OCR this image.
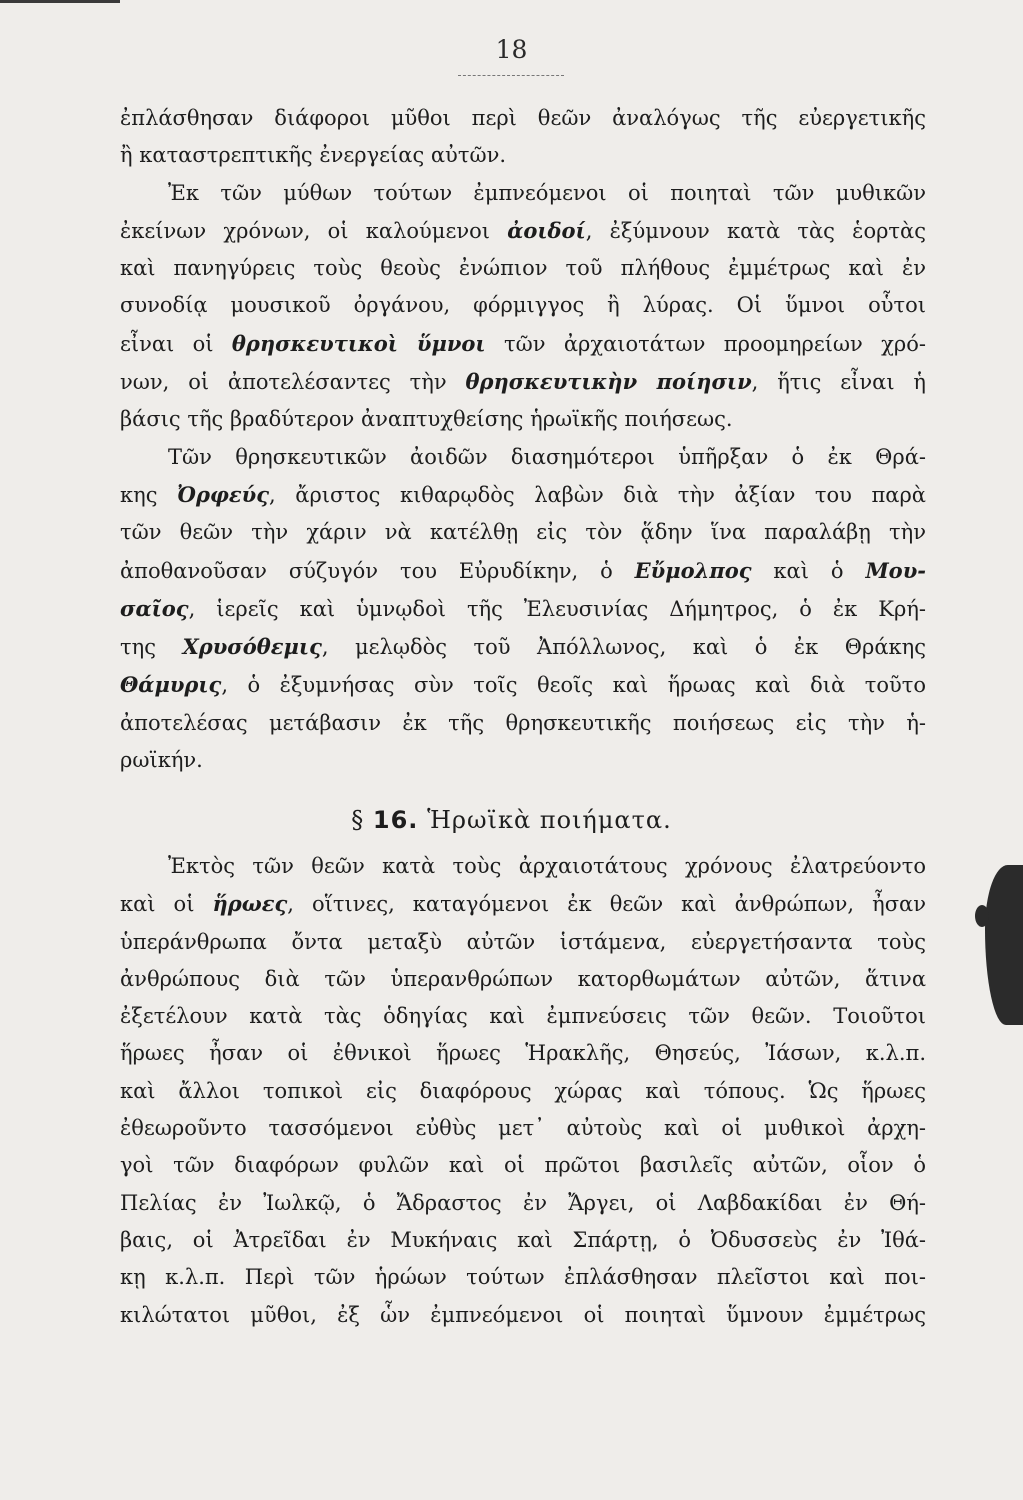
18
ἐπλάσθησαν διάφοροι μῦθοι περὶ θεῶν ἀναλόγως τῆς εὐεργετικῆς
ἢ καταστρεπτικῆς ἐνεργείας αὐτῶν.
Ἐκ τῶν μύθων τούτων ἐμπνεόμενοι οἱ ποιηταὶ τῶν μυθικῶν
ἐκείνων χρόνων, οἱ καλούμενοι ἀοιδοί, ἐξύμνουν κατὰ τὰς ἑορτὰς
καὶ πανηγύρεις τοὺς θεοὺς ἐνώπιον τοῦ πλήθους ἐμμέτρως καὶ ἐν
συνοδίᾳ μουσικοῦ ὀργάνου, φόρμιγγος ἢ λύρας. Οἱ ὕμνοι οὗτοι
εἶναι οἱ θρησκευτικοὶ ὕμνοι τῶν ἀρχαιοτάτων προομηρείων χρό-
νων, οἱ ἀποτελέσαντες τὴν θρησκευτικὴν ποίησιν, ἥτις εἶναι ἡ
βάσις τῆς βραδύτερον ἀναπτυχθείσης ἡρωϊκῆς ποιήσεως.
Τῶν θρησκευτικῶν ἀοιδῶν διασημότεροι ὑπῆρξαν ὁ ἐκ Θρά-
κης Ὀρφεύς, ἄριστος κιθαρῳδὸς λαβὼν διὰ τὴν ἀξίαν του παρὰ
τῶν θεῶν τὴν χάριν νὰ κατέλθῃ εἰς τὸν ᾅδην ἵνα παραλάβῃ τὴν
ἀποθανοῦσαν σύζυγόν του Εὐρυδίκην, ὁ Εὔμολπος καὶ ὁ Μου-
σαῖος, ἱερεῖς καὶ ὑμνῳδοὶ τῆς Ἐλευσινίας Δήμητρος, ὁ ἐκ Κρή-
της Χρυσόθεμις, μελῳδὸς τοῦ Ἀπόλλωνος, καὶ ὁ ἐκ Θράκης
Θάμυρις, ὁ ἐξυμνήσας σὺν τοῖς θεοῖς καὶ ἥρωας καὶ διὰ τοῦτο
ἀποτελέσας μετάβασιν ἐκ τῆς θρησκευτικῆς ποιήσεως εἰς τὴν ἡ-
ρωϊκήν.
§ 16. Ἡρωϊκὰ ποιήματα.
Ἐκτὸς τῶν θεῶν κατὰ τοὺς ἀρχαιοτάτους χρόνους ἐλατρεύοντο
καὶ οἱ ἥρωες, οἵτινες, καταγόμενοι ἐκ θεῶν καὶ ἀνθρώπων, ἦσαν
ὑπεράνθρωπα ὄντα μεταξὺ αὐτῶν ἱστάμενα, εὐεργετήσαντα τοὺς
ἀνθρώπους διὰ τῶν ὑπερανθρώπων κατορθωμάτων αὐτῶν, ἅτινα
ἐξετέλουν κατὰ τὰς ὁδηγίας καὶ ἐμπνεύσεις τῶν θεῶν. Τοιοῦτοι
ἥρωες ἦσαν οἱ ἐθνικοὶ ἥρωες Ἡρακλῆς, Θησεύς, Ἰάσων, κ.λ.π.
καὶ ἄλλοι τοπικοὶ εἰς διαφόρους χώρας καὶ τόπους. Ὡς ἥρωες
ἐθεωροῦντο τασσόμενοι εὐθὺς μετ᾽ αὐτοὺς καὶ οἱ μυθικοὶ ἀρχη-
γοὶ τῶν διαφόρων φυλῶν καὶ οἱ πρῶτοι βασιλεῖς αὐτῶν, οἷον ὁ
Πελίας ἐν Ἰωλκῷ, ὁ Ἄδραστος ἐν Ἄργει, οἱ Λαβδακίδαι ἐν Θή-
βαις, οἱ Ἀτρεῖδαι ἐν Μυκήναις καὶ Σπάρτῃ, ὁ Ὀδυσσεὺς ἐν Ἰθά-
κῃ κ.λ.π. Περὶ τῶν ἡρώων τούτων ἐπλάσθησαν πλεῖστοι καὶ ποι-
κιλώτατοι μῦθοι, ἐξ ὧν ἐμπνεόμενοι οἱ ποιηταὶ ὕμνουν ἐμμέτρως
